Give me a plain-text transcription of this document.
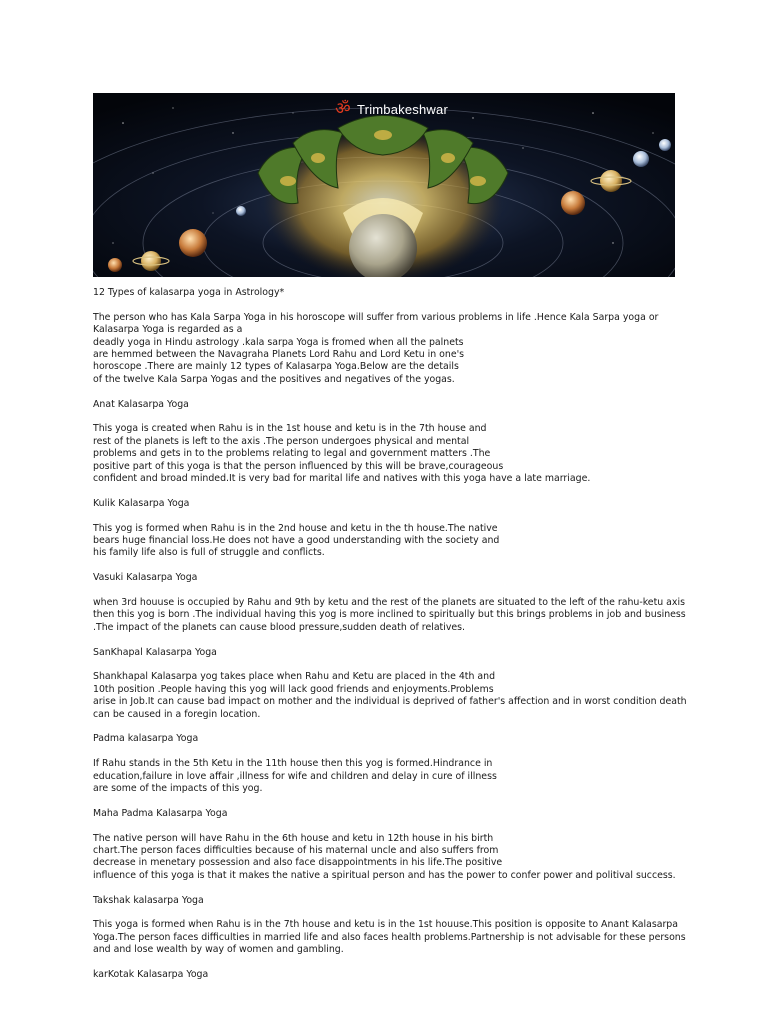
ॐ Trimbakeshwar

12 Types of kalasarpa yoga in Astrology*

The person who has Kala Sarpa Yoga in his horoscope will suffer from various problems in life .Hence Kala Sarpa yoga or
Kalasarpa Yoga is regarded as a
deadly yoga in Hindu astrology .kala sarpa Yoga is fromed when all the palnets
are hemmed between the Navagraha Planets Lord Rahu and Lord Ketu in one's
horoscope .There are mainly 12 types of Kalasarpa Yoga.Below are the details
of the twelve Kala Sarpa Yogas and the positives and negatives of the yogas.

Anat Kalasarpa Yoga

This yoga is created when Rahu is in the 1st house and ketu is in the 7th house and
rest of the planets is left to the axis .The person undergoes physical and mental
problems and gets in to the problems relating to legal and government matters .The
positive part of this yoga is that the person influenced by this will be brave,courageous
confident and broad minded.It is very bad for marital life and natives with this yoga have a late marriage.

Kulik Kalasarpa Yoga

This yog is formed when Rahu is in the 2nd house and ketu in the th house.The native
bears huge financial loss.He does not have a good understanding with the society and
his family life also is full of struggle and conflicts.

Vasuki Kalasarpa Yoga

when 3rd houuse is occupied by Rahu and 9th by ketu and the rest of the planets are situated to the left of the rahu-ketu axis
then this yog is born .The individual having this yog is more inclined to spiritually but this brings problems in job and business
.The impact of the planets can cause blood pressure,sudden death of relatives.

SanKhapal Kalasarpa Yoga

Shankhapal Kalasarpa yog takes place when Rahu and Ketu are placed in the 4th and
10th position .People having this yog will lack good friends and enjoyments.Problems
arise in Job.It can cause bad impact on mother and the individual is deprived of father's affection and in worst condition death
can be caused in a foregin location.

Padma kalasarpa Yoga

If Rahu stands in the 5th Ketu in the 11th house then this yog is formed.Hindrance in
education,failure in love affair ,illness for wife and children and delay in cure of illness
are some of the impacts of this yog.

Maha Padma Kalasarpa Yoga

The native person will have Rahu in the 6th house and ketu in 12th house in his birth
chart.The person faces difficulties because of his maternal uncle and also suffers from
decrease in menetary possession and also face disappointments in his life.The positive
influence of this yoga is that it makes the native a spiritual person and has the power to confer power and politival success.

Takshak kalasarpa Yoga

This yoga is formed when Rahu is in the 7th house and ketu is in the 1st houuse.This position is opposite to Anant Kalasarpa
Yoga.The person faces difficulties in married life and also faces health problems.Partnership is not advisable for these persons
and and lose wealth by way of women and gambling.

karKotak Kalasarpa Yoga
